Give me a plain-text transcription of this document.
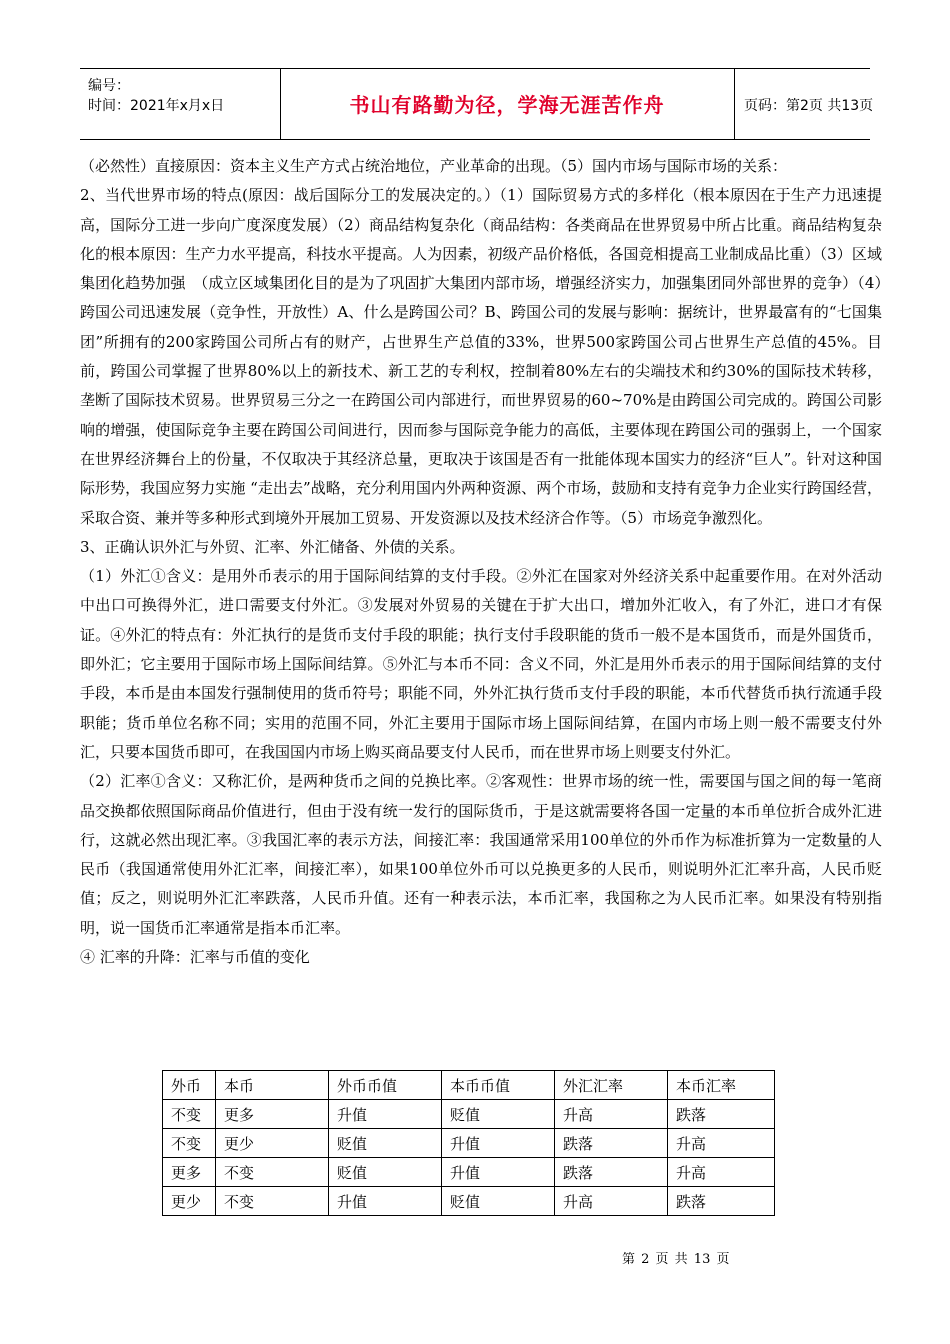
编号：
时间：2021年x月x日	书山有路勤为径，学海无涯苦作舟	页码：第2页 共13页

（必然性）直接原因：资本主义生产方式占统治地位，产业革命的出现。（5）国内市场与国际市场的关系：

2、当代世界市场的特点(原因：战后国际分工的发展决定的。）（1）国际贸易方式的多样化（根本原因在于生产力迅速提高，国际分工进一步向广度深度发展）（2）商品结构复杂化（商品结构：各类商品在世界贸易中所占比重。商品结构复杂化的根本原因：生产力水平提高，科技水平提高。人为因素，初级产品价格低，各国竞相提高工业制成品比重）（3）区域集团化趋势加强　（成立区域集团化目的是为了巩固扩大集团内部市场，增强经济实力，加强集团同外部世界的竞争）（4）跨国公司迅速发展（竞争性，开放性）A、什么是跨国公司？B、跨国公司的发展与影响：据统计，世界最富有的“七国集团”所拥有的200家跨国公司所占有的财产，占世界生产总值的33%，世界500家跨国公司占世界生产总值的45%。目前，跨国公司掌握了世界80%以上的新技术、新工艺的专利权，控制着80%左右的尖端技术和约30%的国际技术转移，垄断了国际技术贸易。世界贸易三分之一在跨国公司内部进行，而世界贸易的60~70%是由跨国公司完成的。跨国公司影响的增强，使国际竞争主要在跨国公司间进行，因而参与国际竞争能力的高低，主要体现在跨国公司的强弱上，一个国家在世界经济舞台上的份量，不仅取决于其经济总量，更取决于该国是否有一批能体现本国实力的经济“巨人”。针对这种国际形势，我国应努力实施 “走出去”战略，充分利用国内外两种资源、两个市场，鼓励和支持有竞争力企业实行跨国经营，采取合资、兼并等多种形式到境外开展加工贸易、开发资源以及技术经济合作等。（5）市场竞争激烈化。

3、正确认识外汇与外贸、汇率、外汇储备、外债的关系。

（1）外汇①含义：是用外币表示的用于国际间结算的支付手段。②外汇在国家对外经济关系中起重要作用。在对外活动中出口可换得外汇，进口需要支付外汇。③发展对外贸易的关键在于扩大出口，增加外汇收入，有了外汇，进口才有保证。④外汇的特点有：外汇执行的是货币支付手段的职能；执行支付手段职能的货币一般不是本国货币，而是外国货币，即外汇；它主要用于国际市场上国际间结算。⑤外汇与本币不同：含义不同，外汇是用外币表示的用于国际间结算的支付手段，本币是由本国发行强制使用的货币符号；职能不同，外外汇执行货币支付手段的职能，本币代替货币执行流通手段职能；货币单位名称不同；实用的范围不同，外汇主要用于国际市场上国际间结算，在国内市场上则一般不需要支付外汇，只要本国货币即可，在我国国内市场上购买商品要支付人民币，而在世界市场上则要支付外汇。

（2）汇率①含义：又称汇价，是两种货币之间的兑换比率。②客观性：世界市场的统一性，需要国与国之间的每一笔商品交换都依照国际商品价值进行，但由于没有统一发行的国际货币，于是这就需要将各国一定量的本币单位折合成外汇进行，这就必然出现汇率。③我国汇率的表示方法，间接汇率：我国通常采用100单位的外币作为标准折算为一定数量的人民币（我国通常使用外汇汇率，间接汇率），如果100单位外币可以兑换更多的人民币，则说明外汇汇率升高，人民币贬值；反之，则说明外汇汇率跌落，人民币升值。还有一种表示法，本币汇率，我国称之为人民币汇率。如果没有特别指明，说一国货币汇率通常是指本币汇率。

④ 汇率的升降：汇率与币值的变化

外币	本币	外币币值	本币币值	外汇汇率	本币汇率
不变	更多	升值	贬值	升高	跌落
不变	更少	贬值	升值	跌落	升高
更多	不变	贬值	升值	跌落	升高
更少	不变	升值	贬值	升高	跌落
第 2 页 共 13 页
